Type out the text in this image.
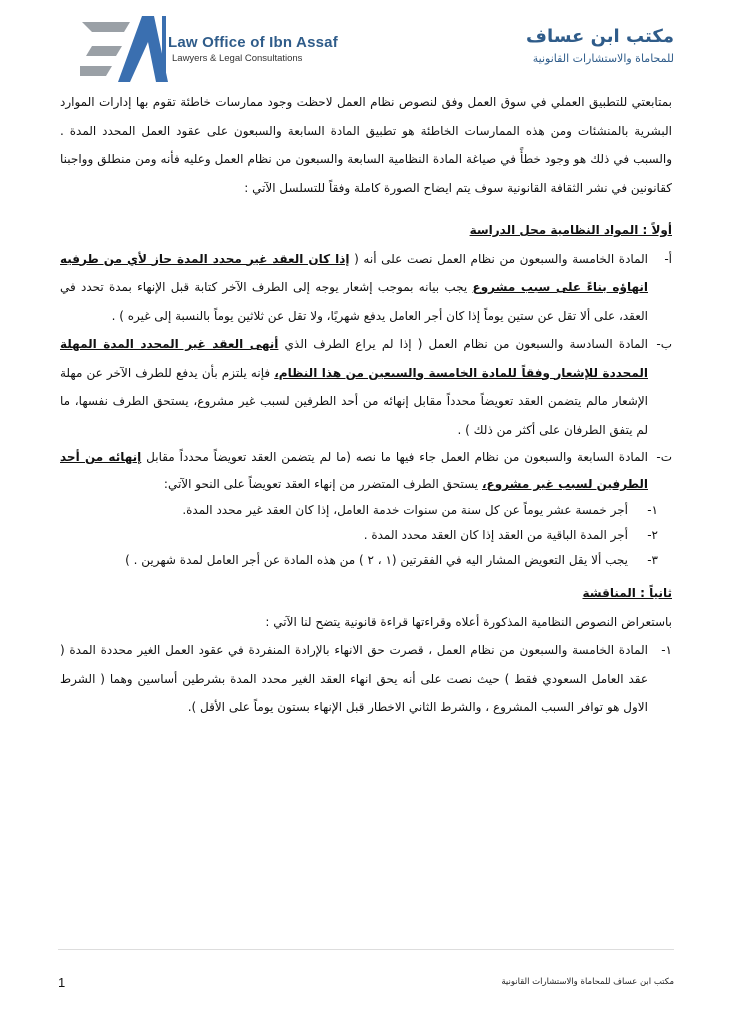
Law Office of Ibn Assaf
Lawyers & Legal Consultations
مكتب ابن عساف
للمحاماة والاستشارات القانونية

بمتابعتي للتطبيق العملي في سوق العمل وفق لنصوص نظام العمل لاحظت وجود ممارسات خاطئة تقوم بها إدارات الموارد البشرية بالمنشئات ومن هذه الممارسات الخاطئة هو تطبيق المادة السابعة والسبعون على عقود العمل المحدد المدة . والسبب في ذلك هو وجود خطأً في صياغة المادة النظامية السابعة والسبعون من نظام العمل وعليه فأنه ومن منطلق وواجبنا كقانونين في نشر الثقافة القانونية سوف يتم ايضاح الصورة كاملة وفقاً للتسلسل الآتي :

أولاً : المواد النظامية محل الدراسة

أ-
المادة الخامسة والسبعون من نظام العمل نصت على أنه ( إذا كان العقد غير محدد المدة جاز لأي من طرفيه انهاؤه بناءً على سبب مشروع يجب بيانه بموجب إشعار يوجه إلى الطرف الآخر كتابة قبل الإنهاء بمدة تحدد في العقد، على ألا تقل عن ستين يوماً إذا كان أجر العامل يدفع شهريًا، ولا تقل عن ثلاثين يوماً بالنسبة إلى غيره ) .
ب-
المادة السادسة والسبعون من نظام العمل ( إذا لم يراع الطرف الذي أنهى العقد غير المحدد المدة المهلة المحددة للإشعار وفقاً للمادة الخامسة والسبعين من هذا النظام، فإنه يلتزم بأن يدفع للطرف الآخر عن مهلة الإشعار مالم يتضمن العقد تعويضاً محدداً مقابل إنهائه من أحد الطرفين لسبب غير مشروع، يستحق الطرف نفسها، ما لم يتفق الطرفان على أكثر من ذلك ) .
ت-
المادة السابعة والسبعون من نظام العمل جاء فيها ما نصه (ما لم يتضمن العقد تعويضاً محدداً مقابل إنهائه من أحد الطرفين لسبب غير مشروع، يستحق الطرف المتضرر من إنهاء العقد تعويضاً على النحو الآتي:
١-
أجر خمسة عشر يوماً عن كل سنة من سنوات خدمة العامل، إذا كان العقد غير محدد المدة.
٢-
أجر المدة الباقية من العقد إذا كان العقد محدد المدة .
٣-
يجب ألا يقل التعويض المشار اليه في الفقرتين (١ ، ٢ ) من هذه المادة عن أجر العامل لمدة شهرين . )

ثانياً : المناقشة

باستعراض النصوص النظامية المذكورة أعلاه وقراءتها قراءة قانونية يتضح لنا الآتي :

١-
المادة الخامسة والسبعون من نظام العمل ، قصرت حق الانهاء بالإرادة المنفردة في عقود العمل الغير محددة المدة ( عقد العامل السعودي فقط ) حيث نصت على أنه يحق انهاء العقد الغير محدد المدة بشرطين أساسين وهما ( الشرط الاول هو توافر السبب المشروع ، والشرط الثاني الاخطار قبل الإنهاء بستون يوماً على الأقل ).
1	مكتب ابن عساف للمحاماة والاستشارات القانونية
